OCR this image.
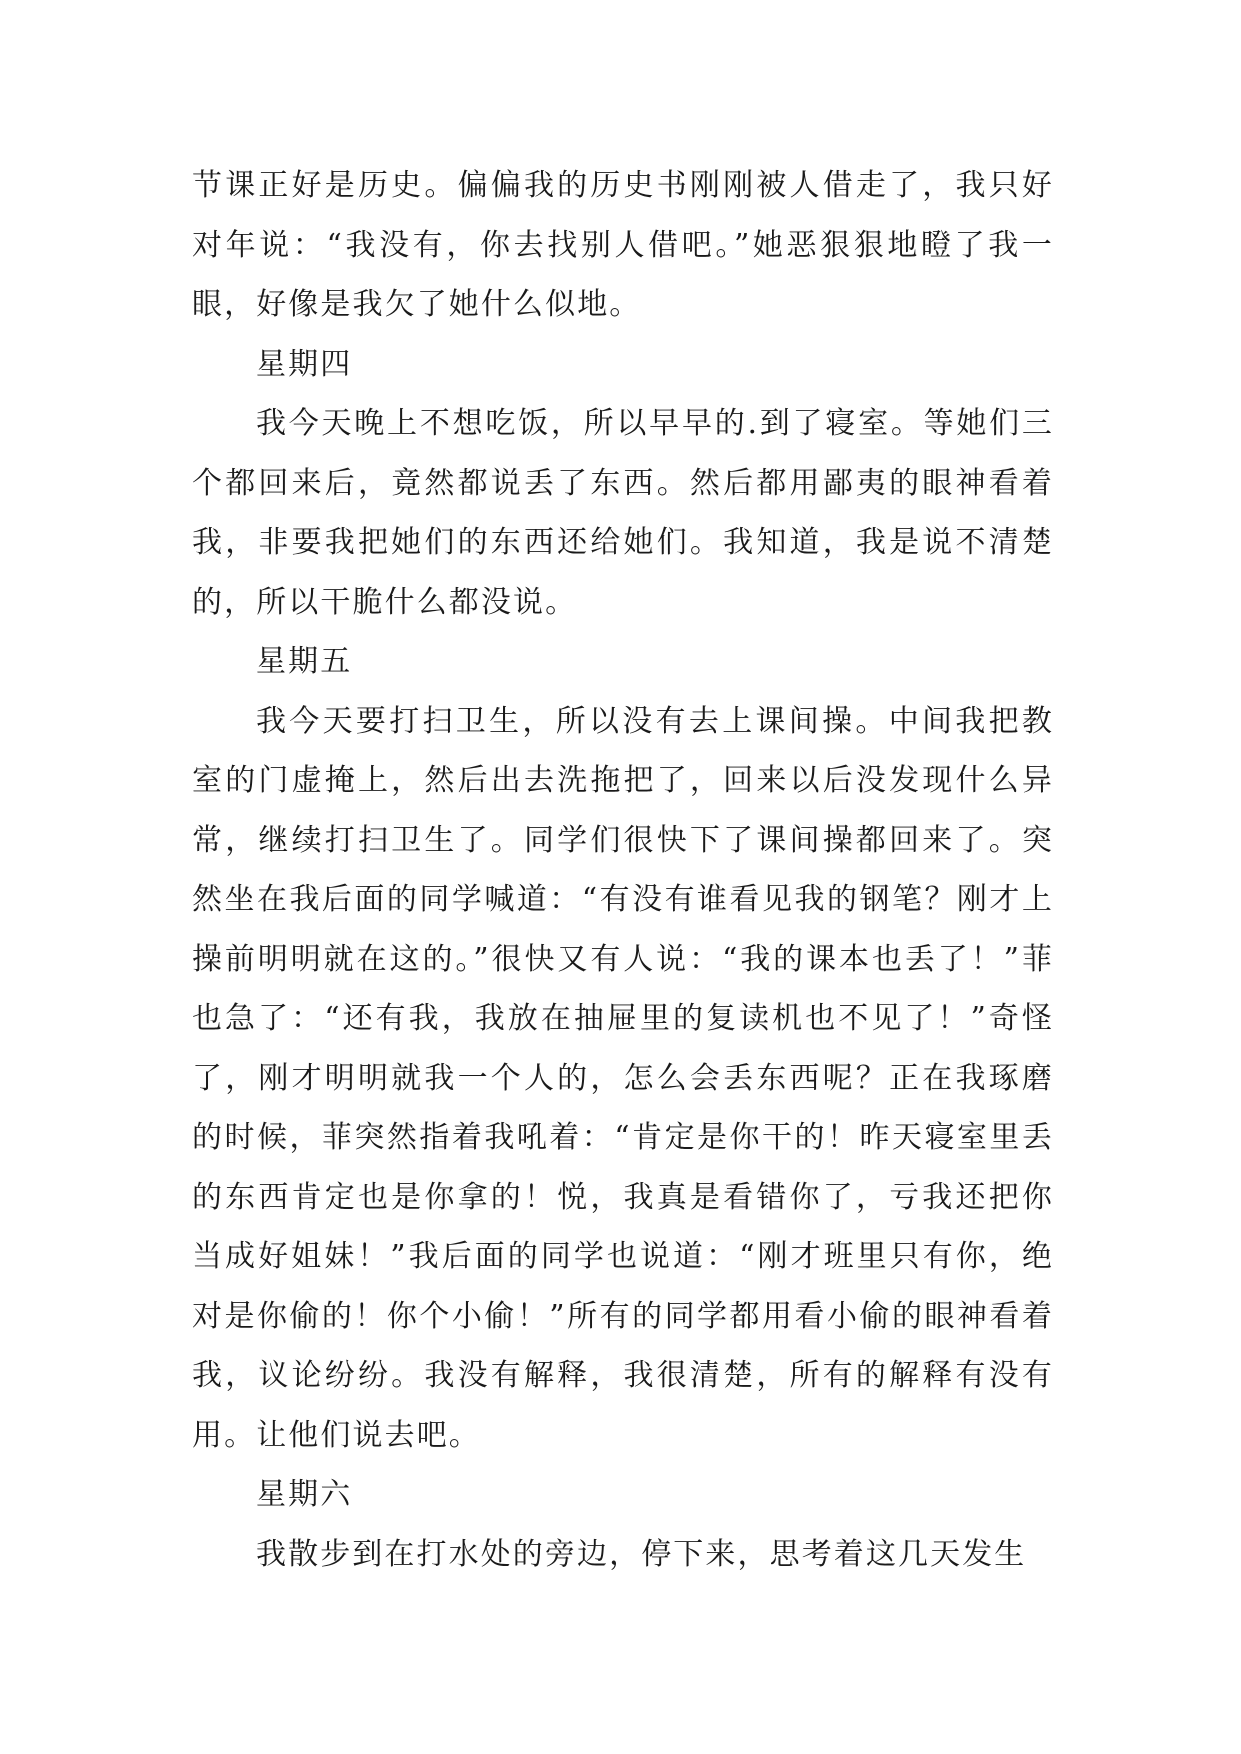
节课正好是历史。偏偏我的历史书刚刚被人借走了，我只好对年说：“我没有，你去找别人借吧。”她恶狠狠地瞪了我一眼，好像是我欠了她什么似地。

星期四

我今天晚上不想吃饭，所以早早的.到了寝室。等她们三个都回来后，竟然都说丢了东西。然后都用鄙夷的眼神看着我，非要我把她们的东西还给她们。我知道，我是说不清楚的，所以干脆什么都没说。

星期五

我今天要打扫卫生，所以没有去上课间操。中间我把教室的门虚掩上，然后出去洗拖把了，回来以后没发现什么异常，继续打扫卫生了。同学们很快下了课间操都回来了。突然坐在我后面的同学喊道：“有没有谁看见我的钢笔？刚才上操前明明就在这的。”很快又有人说：“我的课本也丢了！”菲也急了：“还有我，我放在抽屉里的复读机也不见了！”奇怪了，刚才明明就我一个人的，怎么会丢东西呢？正在我琢磨的时候，菲突然指着我吼着：“肯定是你干的！昨天寝室里丢的东西肯定也是你拿的！悦，我真是看错你了，亏我还把你当成好姐妹！”我后面的同学也说道：“刚才班里只有你，绝对是你偷的！你个小偷！”所有的同学都用看小偷的眼神看着我，议论纷纷。我没有解释，我很清楚，所有的解释有没有用。让他们说去吧。

星期六

我散步到在打水处的旁边，停下来，思考着这几天发生
